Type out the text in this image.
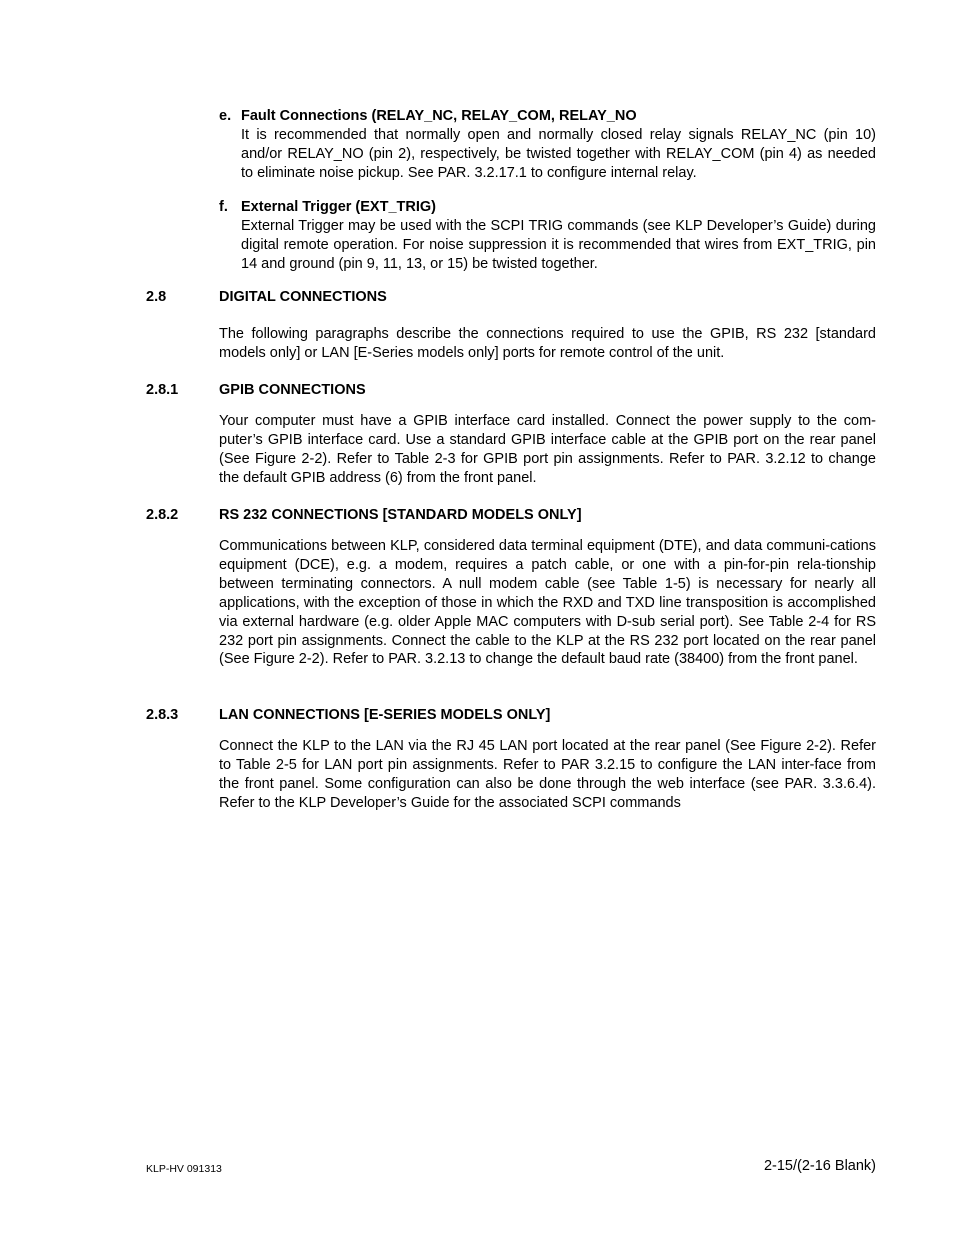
e. Fault Connections (RELAY_NC, RELAY_COM, RELAY_NO
It is recommended that normally open and normally closed relay signals RELAY_NC (pin 10) and/or RELAY_NO (pin 2), respectively, be twisted together with RELAY_COM (pin 4) as needed to eliminate noise pickup. See PAR. 3.2.17.1 to configure internal relay.
f. External Trigger (EXT_TRIG)
External Trigger may be used with the SCPI TRIG commands (see KLP Developer’s Guide) during digital remote operation. For noise suppression it is recommended that wires from EXT_TRIG, pin 14 and ground (pin 9, 11, 13, or 15) be twisted together.
2.8	DIGITAL CONNECTIONS
The following paragraphs describe the connections required to use the GPIB, RS 232 [standard models only] or LAN [E-Series models only] ports for remote control of the unit.
2.8.1	GPIB CONNECTIONS
Your computer must have a GPIB interface card installed. Connect the power supply to the com-puter’s GPIB interface card. Use a standard GPIB interface cable at the GPIB port on the rear panel (See Figure 2-2). Refer to Table 2-3 for GPIB port pin assignments. Refer to PAR. 3.2.12 to change the default GPIB address (6) from the front panel.
2.8.2	RS 232 CONNECTIONS [STANDARD MODELS ONLY]
Communications between KLP, considered data terminal equipment (DTE), and data communi-cations equipment (DCE), e.g. a modem, requires a patch cable, or one with a pin-for-pin rela-tionship between terminating connectors. A null modem cable (see Table 1-5) is necessary for nearly all applications, with the exception of those in which the RXD and TXD line transposition is accomplished via external hardware (e.g. older Apple MAC computers with D-sub serial port). See Table 2-4 for RS 232 port pin assignments. Connect the cable to the KLP at the RS 232 port located on the rear panel (See Figure 2-2). Refer to PAR. 3.2.13 to change the default baud rate (38400) from the front panel.
2.8.3	LAN CONNECTIONS [E-SERIES MODELS ONLY]
Connect the KLP to the LAN via the RJ 45 LAN port located at the rear panel (See Figure 2-2). Refer to Table 2-5 for LAN port pin assignments. Refer to PAR 3.2.15 to configure the LAN inter-face from the front panel. Some configuration can also be done through the web interface (see PAR. 3.3.6.4). Refer to the KLP Developer’s Guide for the associated SCPI commands
KLP-HV 091313	2-15/(2-16 Blank)
